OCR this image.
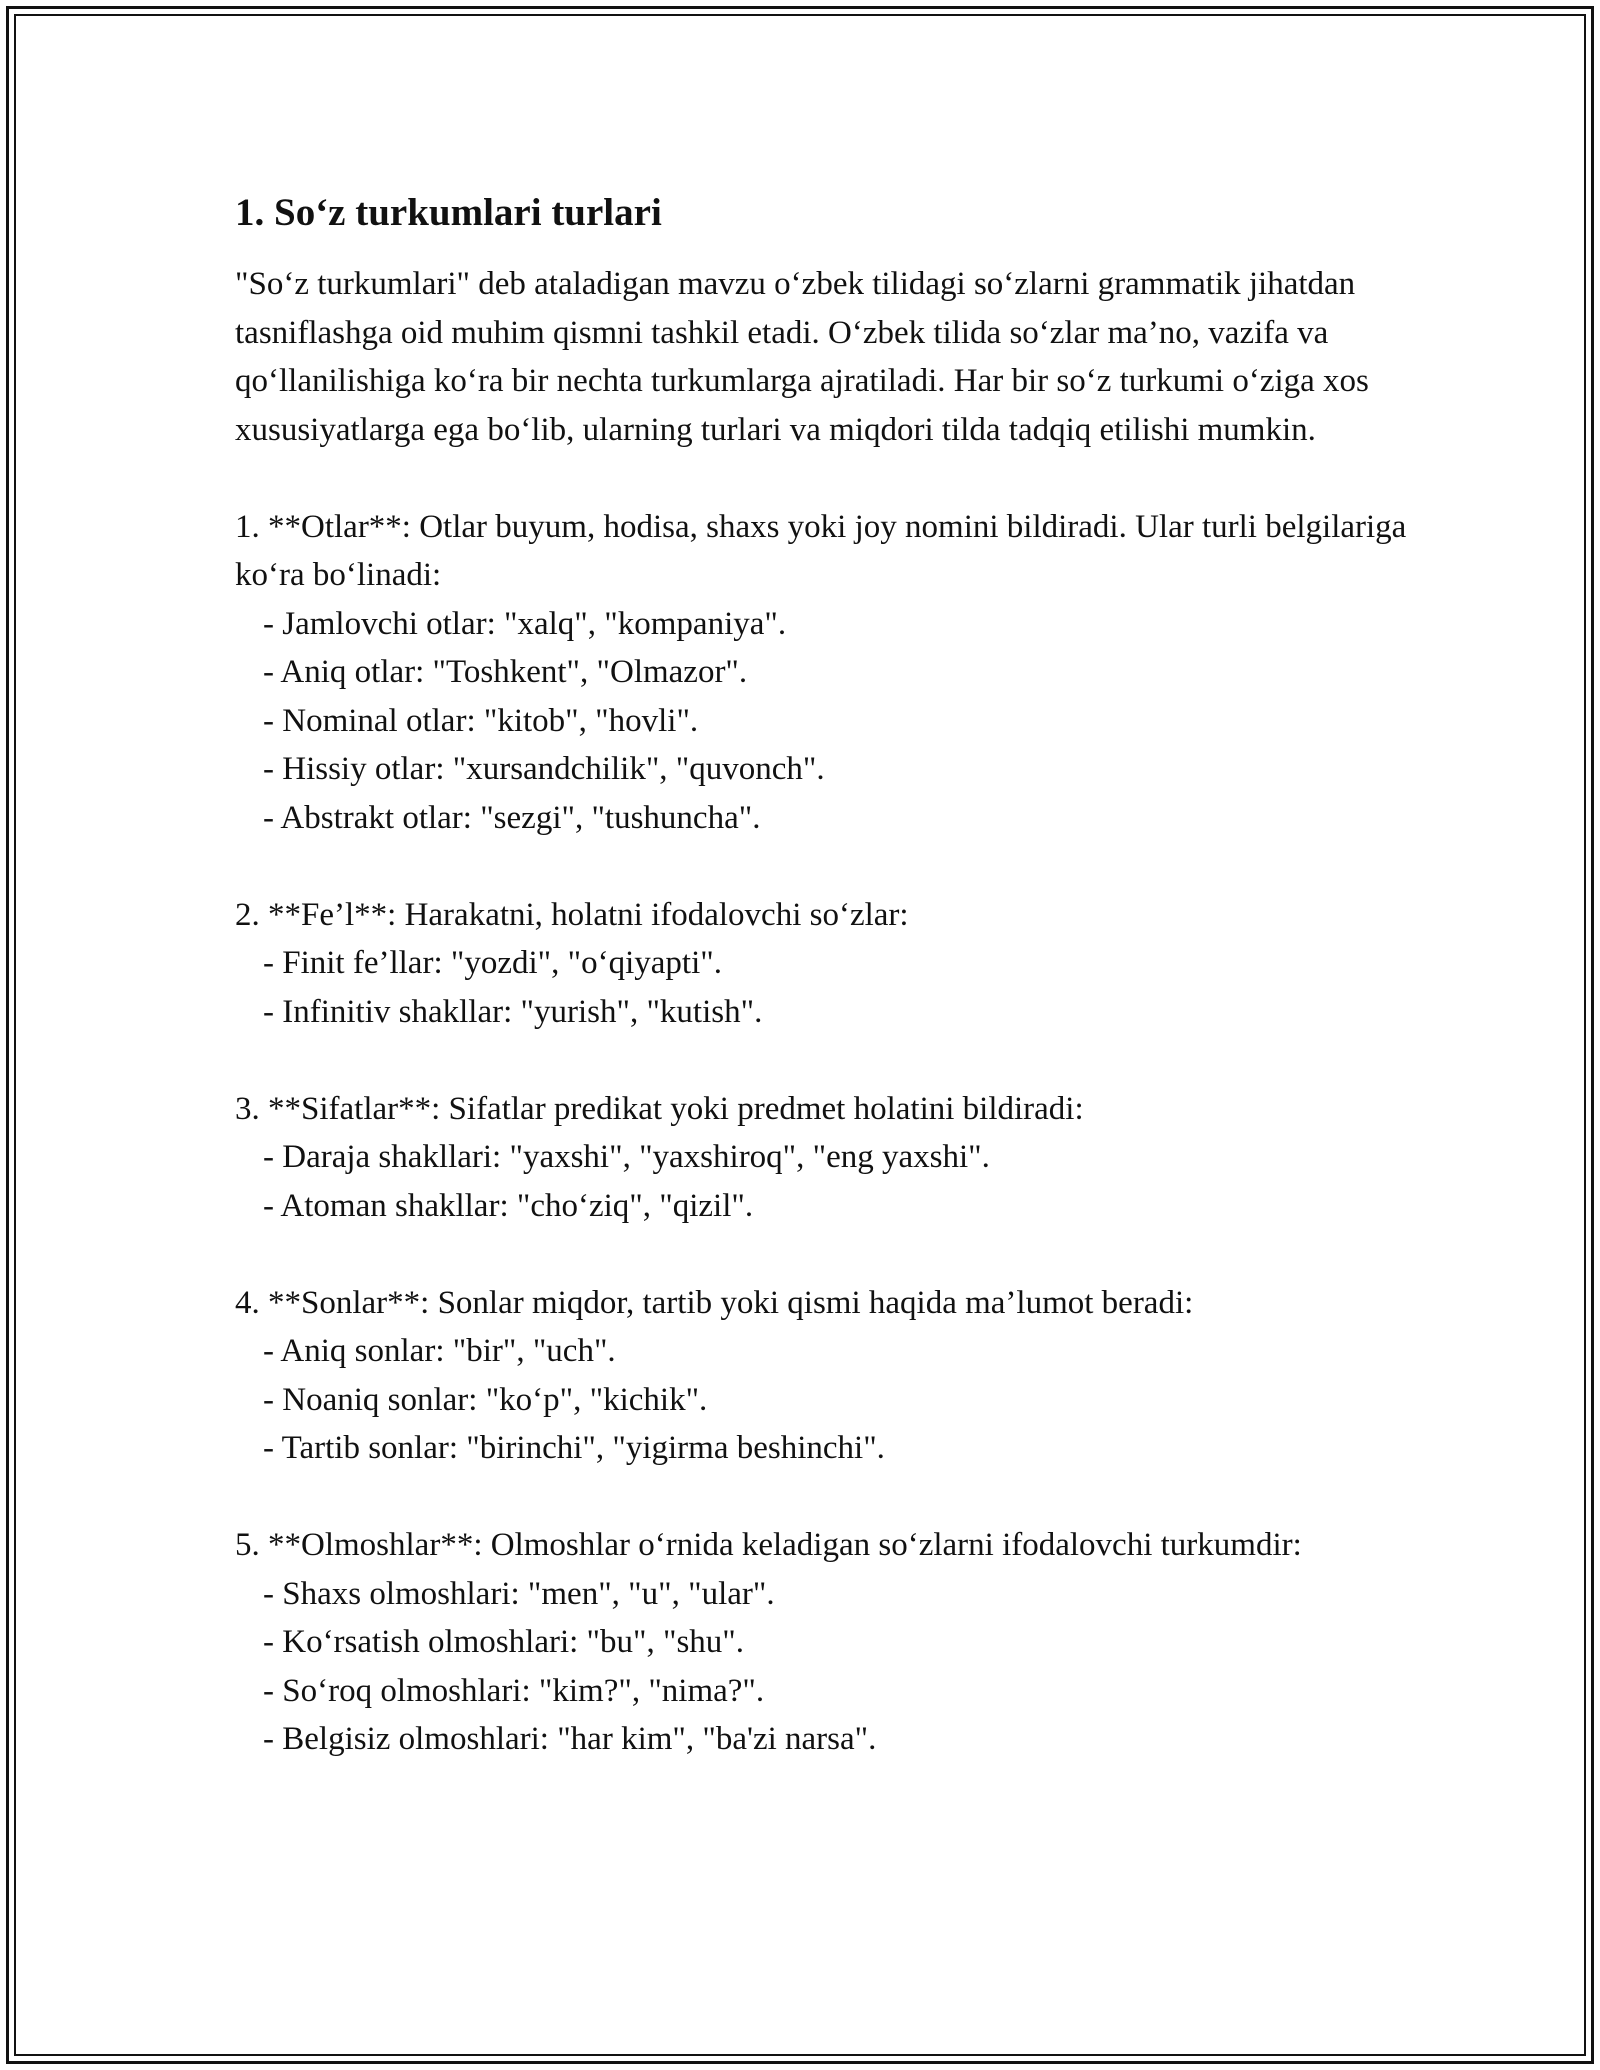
1. So‘z turkumlari turlari

"So‘z turkumlari" deb ataladigan mavzu o‘zbek tilidagi so‘zlarni grammatik jihatdan tasniflashga oid muhim qismni tashkil etadi. O‘zbek tilida so‘zlar ma’no, vazifa va qo‘llanilishiga ko‘ra bir nechta turkumlarga ajratiladi. Har bir so‘z turkumi o‘ziga xos xususiyatlarga ega bo‘lib, ularning turlari va miqdori tilda tadqiq etilishi mumkin.

1. **Otlar**: Otlar buyum, hodisa, shaxs yoki joy nomini bildiradi. Ular turli belgilariga ko‘ra bo‘linadi:

- Jamlovchi otlar: "xalq", "kompaniya".

- Aniq otlar: "Toshkent", "Olmazor".

- Nominal otlar: "kitob", "hovli".

- Hissiy otlar: "xursandchilik", "quvonch".

- Abstrakt otlar: "sezgi", "tushuncha".

2. **Fe’l**: Harakatni, holatni ifodalovchi so‘zlar:

- Finit fe’llar: "yozdi", "o‘qiyapti".

- Infinitiv shakllar: "yurish", "kutish".

3. **Sifatlar**: Sifatlar predikat yoki predmet holatini bildiradi:

- Daraja shakllari: "yaxshi", "yaxshiroq", "eng yaxshi".

- Atoman shakllar: "cho‘ziq", "qizil".

4. **Sonlar**: Sonlar miqdor, tartib yoki qismi haqida ma’lumot beradi:

- Aniq sonlar: "bir", "uch".

- Noaniq sonlar: "ko‘p", "kichik".

- Tartib sonlar: "birinchi", "yigirma beshinchi".

5. **Olmoshlar**: Olmoshlar o‘rnida keladigan so‘zlarni ifodalovchi turkumdir:

- Shaxs olmoshlari: "men", "u", "ular".

- Ko‘rsatish olmoshlari: "bu", "shu".

- So‘roq olmoshlari: "kim?", "nima?".

- Belgisiz olmoshlari: "har kim", "ba'zi narsa".
